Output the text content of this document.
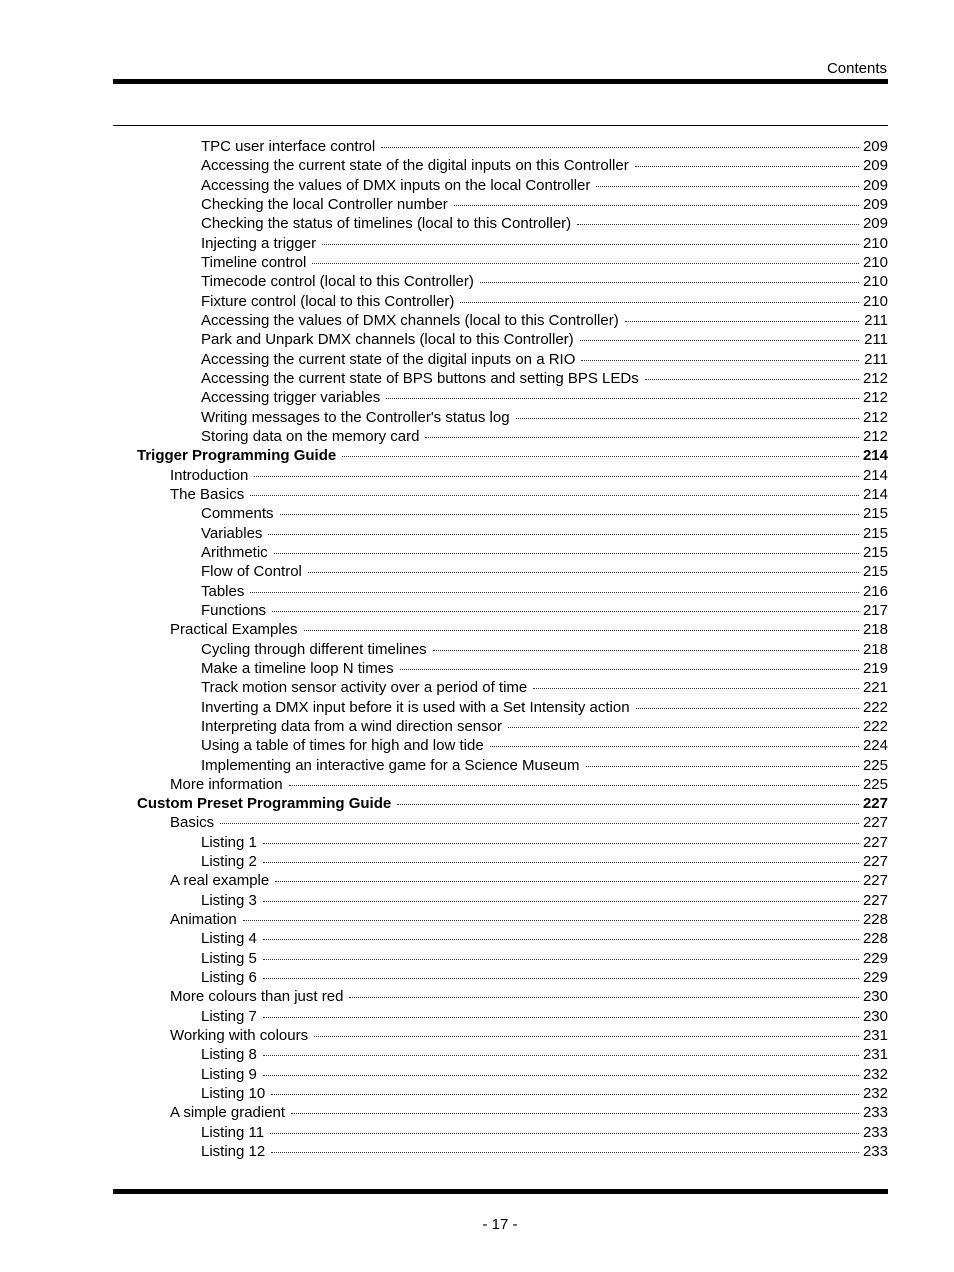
Contents
TPC user interface control	209
Accessing the current state of the digital inputs on this Controller	209
Accessing the values of DMX inputs on the local Controller	209
Checking the local Controller number	209
Checking the status of timelines (local to this Controller)	209
Injecting a trigger	210
Timeline control	210
Timecode control (local to this Controller)	210
Fixture control (local to this Controller)	210
Accessing the values of DMX channels (local to this Controller)	211
Park and Unpark DMX channels (local to this Controller)	211
Accessing the current state of the digital inputs on a RIO	211
Accessing the current state of BPS buttons and setting BPS LEDs	212
Accessing trigger variables	212
Writing messages to the Controller's status log	212
Storing data on the memory card	212
Trigger Programming Guide	214
Introduction	214
The Basics	214
Comments	215
Variables	215
Arithmetic	215
Flow of Control	215
Tables	216
Functions	217
Practical Examples	218
Cycling through different timelines	218
Make a timeline loop N times	219
Track motion sensor activity over a period of time	221
Inverting a DMX input before it is used with a Set Intensity action	222
Interpreting data from a wind direction sensor	222
Using a table of times for high and low tide	224
Implementing an interactive game for a Science Museum	225
More information	225
Custom Preset Programming Guide	227
Basics	227
Listing 1	227
Listing 2	227
A real example	227
Listing 3	227
Animation	228
Listing 4	228
Listing 5	229
Listing 6	229
More colours than just red	230
Listing 7	230
Working with colours	231
Listing 8	231
Listing 9	232
Listing 10	232
A simple gradient	233
Listing 11	233
Listing 12	233
- 17 -
